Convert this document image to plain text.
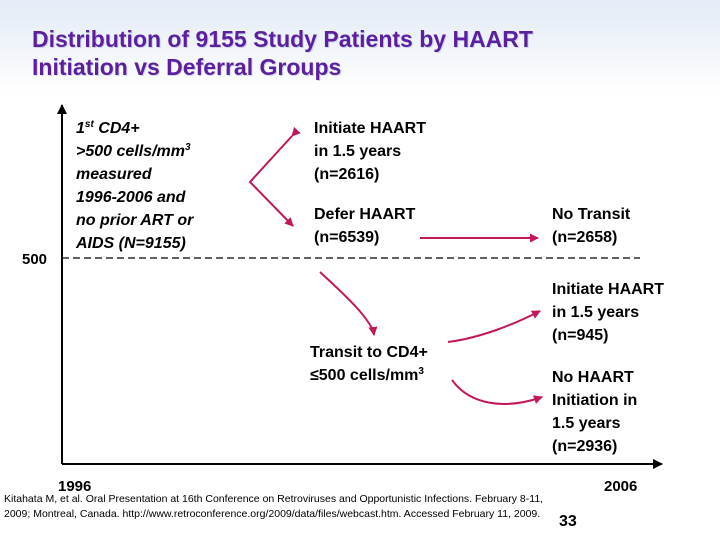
Distribution of 9155 Study Patients by HAART
Initiation vs Deferral Groups
500
1996	2006
1st CD4+
>500 cells/$mm^3$
measured
1996-2006 and
no prior ART or
AIDS (N=9155)
Initiate HAART
in 1.5 years
(n=2616)
Defer HAART
(n=6539)
No Transit
(n=2658)
Transit to CD4+
≤500 cells/$mm^3$
Initiate HAART
in 1.5 years
(n=945)
No HAART
Initiation in
1.5 years
(n=2936)
Kitahata M, et al. Oral Presentation at 16th Conference on Retroviruses and Opportunistic Infections. February 8-11,
2009; Montreal, Canada. http://www.retroconference.org/2009/data/files/webcast.htm. Accessed February 11, 2009.	33
